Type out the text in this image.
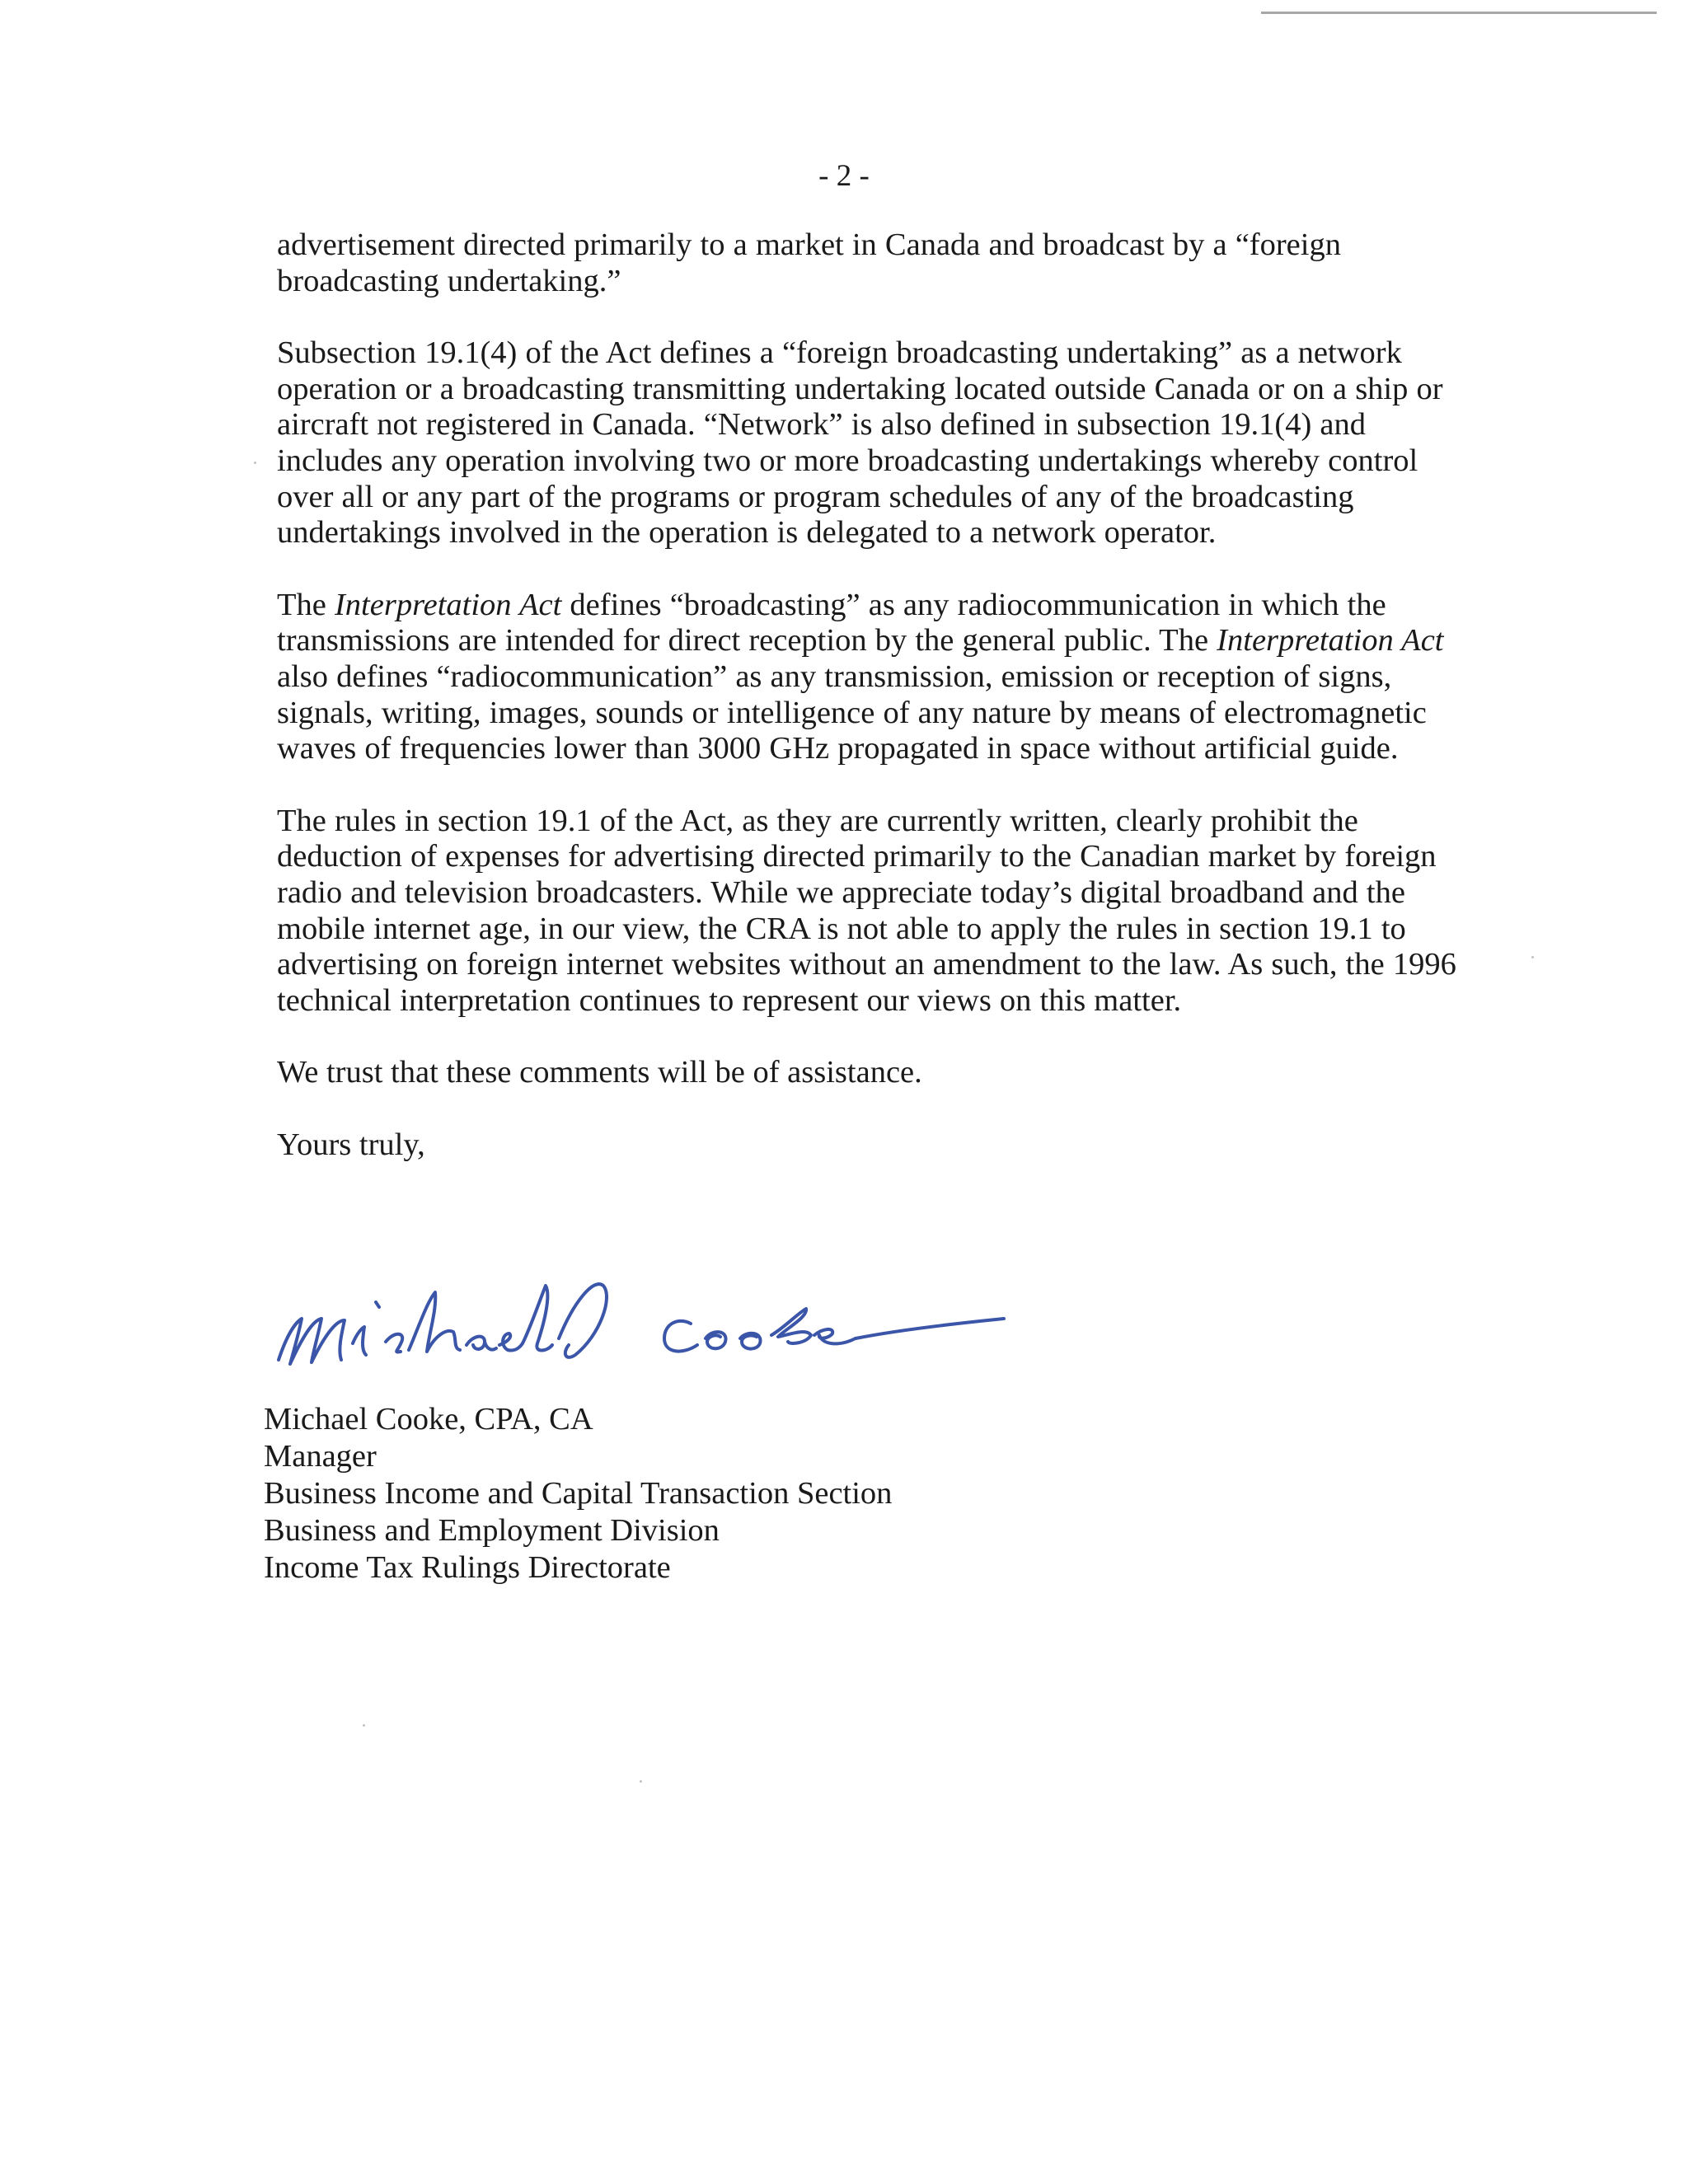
- 2 -

advertisement directed primarily to a market in Canada and broadcast by a “foreign broadcasting undertaking.”

Subsection 19.1(4) of the Act defines a “foreign broadcasting undertaking” as a network operation or a broadcasting transmitting undertaking located outside Canada or on a ship or aircraft not registered in Canada. “Network” is also defined in subsection 19.1(4) and includes any operation involving two or more broadcasting undertakings whereby control over all or any part of the programs or program schedules of any of the broadcasting undertakings involved in the operation is delegated to a network operator.

The Interpretation Act defines “broadcasting” as any radiocommunication in which the transmissions are intended for direct reception by the general public. The Interpretation Act also defines “radiocommunication” as any transmission, emission or reception of signs, signals, writing, images, sounds or intelligence of any nature by means of electromagnetic waves of frequencies lower than 3000 GHz propagated in space without artificial guide.

The rules in section 19.1 of the Act, as they are currently written, clearly prohibit the deduction of expenses for advertising directed primarily to the Canadian market by foreign radio and television broadcasters. While we appreciate today’s digital broadband and the mobile internet age, in our view, the CRA is not able to apply the rules in section 19.1 to advertising on foreign internet websites without an amendment to the law. As such, the 1996 technical interpretation continues to represent our views on this matter.

We trust that these comments will be of assistance.

Yours truly,

Michael Cooke, CPA, CA

Manager

Business Income and Capital Transaction Section

Business and Employment Division

Income Tax Rulings Directorate
